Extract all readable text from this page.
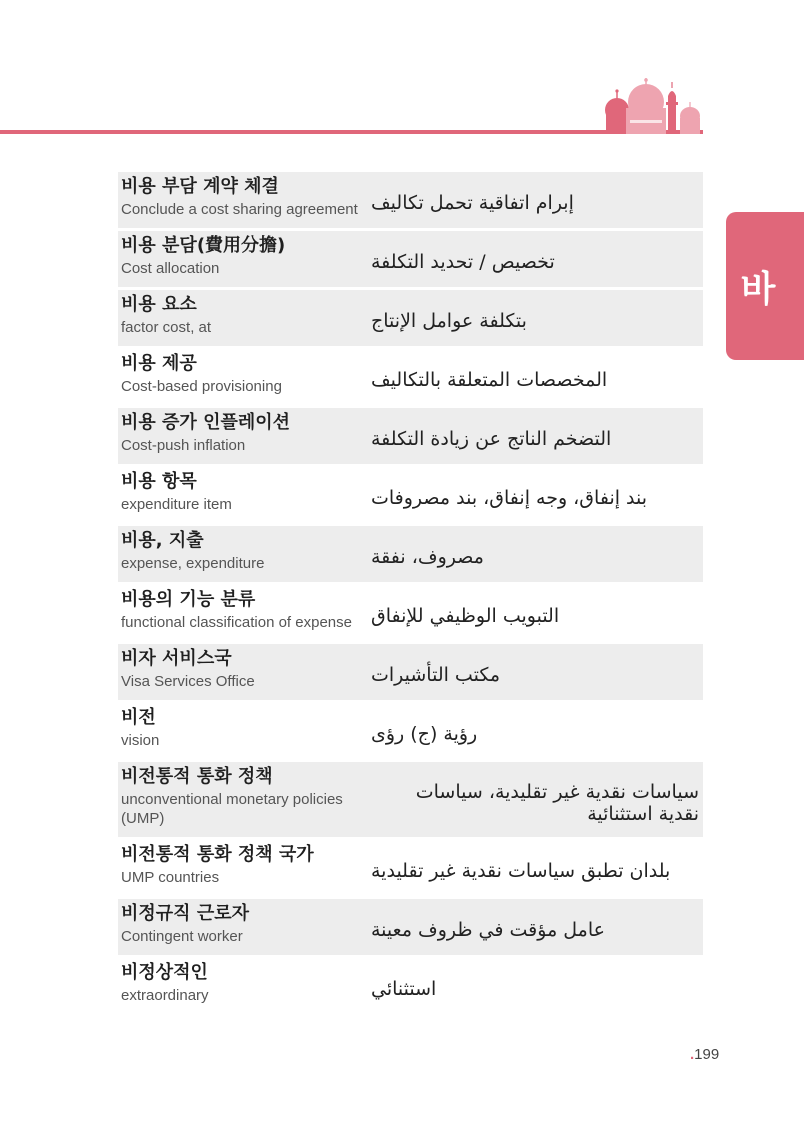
바
비용 부담 계약 체결
Conclude a cost sharing agreement إبرام اتفاقية تحمل تكاليف
비용 분담(費用分擔)
Cost allocation	تخصيص / تحديد التكلفة
비용 요소
factor cost, at	بتكلفة عوامل الإنتاج
비용 제공
Cost-based provisioning	المخصصات المتعلقة بالتكاليف
비용 증가 인플레이션
Cost-push inflation	التضخم الناتج عن زيادة التكلفة
비용 항목
expenditure item	بند إنفاق، وجه إنفاق، بند مصروفات
비용, 지출
expense, expenditure	مصروف، نفقة
비용의 기능 분류
functional classification of expense	التبويب الوظيفي للإنفاق
비자 서비스국
Visa Services Office	مكتب التأشيرات
비전
vision	رؤية (ج) رؤى
비전통적 통화 정책
unconventional monetary policies (UMP)
سياسات نقدية غير تقليدية، سياسات نقدية استثنائية
비전통적 통화 정책 국가
UMP countries	بلدان تطبق سياسات نقدية غير تقليدية
비정규직 근로자
Contingent worker	عامل مؤقت في ظروف معينة
비정상적인
extraordinary	استثنائي
.199
